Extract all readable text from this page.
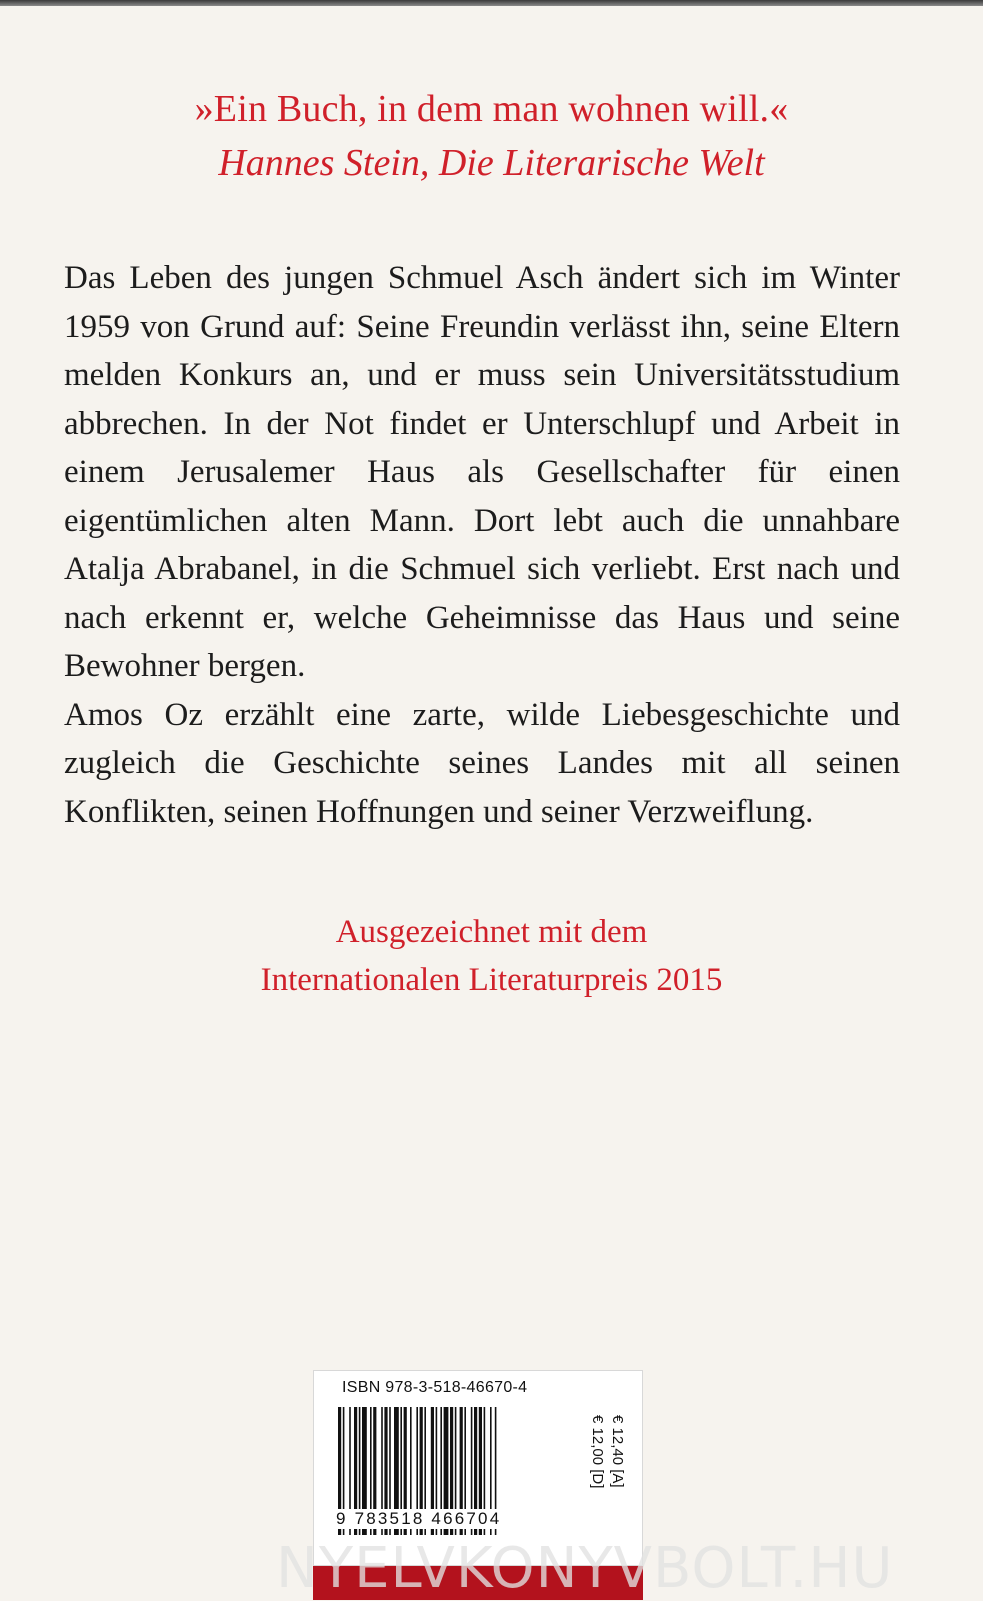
»Ein Buch, in dem man wohnen will.«
Hannes Stein, Die Literarische Welt

Das Leben des jungen Schmuel Asch ändert sich im Winter 1959 von Grund auf: Seine Freundin verlässt ihn, seine Eltern melden Konkurs an, und er muss sein Universitätsstudium abbrechen. In der Not findet er Unterschlupf und Arbeit in einem Jerusalemer Haus als Gesellschafter für einen eigentümlichen alten Mann. Dort lebt auch die unnahbare Atalja Abrabanel, in die Schmuel sich verliebt. Erst nach und nach erkennt er, welche Geheimnisse das Haus und seine Bewohner bergen.

Amos Oz erzählt eine zarte, wilde Liebesgeschichte und zugleich die Geschichte seines Landes mit all seinen Konflikten, seinen Hoffnungen und seiner Verzweiflung.

Ausgezeichnet mit dem
Internationalen Literaturpreis 2015
ISBN 978-3-518-46670-4
9 783518 466704
€ 12,00 [D] € 12,40 [A]
NYELVKONYVBOLT.HU
